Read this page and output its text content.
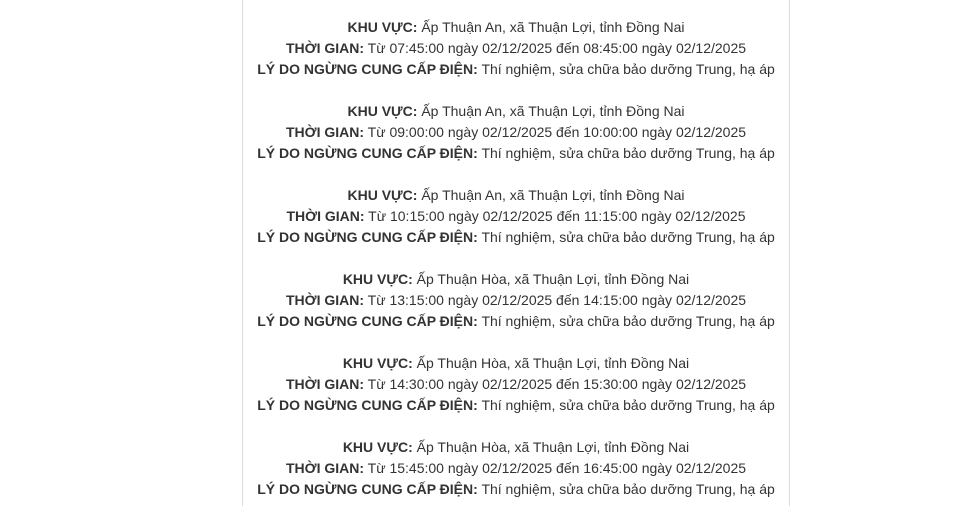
KHU VỰC: Ấp Thuận An, xã Thuận Lợi, tỉnh Đồng Nai
THỜI GIAN: Từ 07:45:00 ngày 02/12/2025 đến 08:45:00 ngày 02/12/2025
LÝ DO NGỪNG CUNG CẤP ĐIỆN: Thí nghiệm, sửa chữa bảo dưỡng Trung, hạ áp
KHU VỰC: Ấp Thuận An, xã Thuận Lợi, tỉnh Đồng Nai
THỜI GIAN: Từ 09:00:00 ngày 02/12/2025 đến 10:00:00 ngày 02/12/2025
LÝ DO NGỪNG CUNG CẤP ĐIỆN: Thí nghiệm, sửa chữa bảo dưỡng Trung, hạ áp
KHU VỰC: Ấp Thuận An, xã Thuận Lợi, tỉnh Đồng Nai
THỜI GIAN: Từ 10:15:00 ngày 02/12/2025 đến 11:15:00 ngày 02/12/2025
LÝ DO NGỪNG CUNG CẤP ĐIỆN: Thí nghiệm, sửa chữa bảo dưỡng Trung, hạ áp
KHU VỰC: Ấp Thuận Hòa, xã Thuận Lợi, tỉnh Đồng Nai
THỜI GIAN: Từ 13:15:00 ngày 02/12/2025 đến 14:15:00 ngày 02/12/2025
LÝ DO NGỪNG CUNG CẤP ĐIỆN: Thí nghiệm, sửa chữa bảo dưỡng Trung, hạ áp
KHU VỰC: Ấp Thuận Hòa, xã Thuận Lợi, tỉnh Đồng Nai
THỜI GIAN: Từ 14:30:00 ngày 02/12/2025 đến 15:30:00 ngày 02/12/2025
LÝ DO NGỪNG CUNG CẤP ĐIỆN: Thí nghiệm, sửa chữa bảo dưỡng Trung, hạ áp
KHU VỰC: Ấp Thuận Hòa, xã Thuận Lợi, tỉnh Đồng Nai
THỜI GIAN: Từ 15:45:00 ngày 02/12/2025 đến 16:45:00 ngày 02/12/2025
LÝ DO NGỪNG CUNG CẤP ĐIỆN: Thí nghiệm, sửa chữa bảo dưỡng Trung, hạ áp
